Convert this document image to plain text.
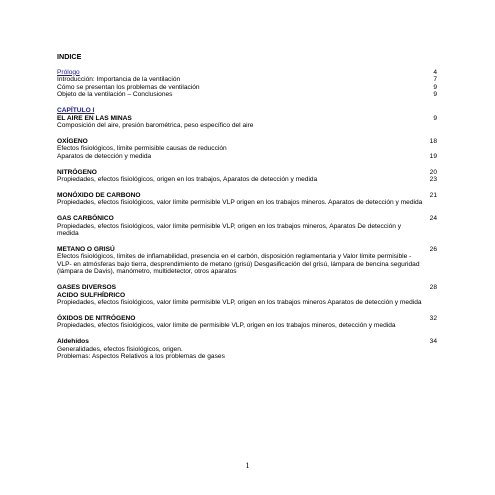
INDICE
Prólogo	4
Introducción: Importancia de la ventilación	7
Cómo se presentan los problemas de ventilación	9
Objeto de la ventilación – Conclusiones	9
CAPÍTULO I
EL AIRE EN LAS MINAS	9
Composición del aire, presión barométrica, peso específico del aire
OXÍGENO	18
Efectos fisiológicos, límite permisible causas de reducción
Aparatos de detección y medida	19
NITRÓGENO	20
Propiedades, efectos fisiológicos, origen en los trabajos, Aparatos de detección y medida	23
MONÓXIDO DE CARBONO	21
Propiedades, efectos fisiológicos, valor límite permisible VLP origen en los trabajos mineros. Aparatos de detección y medida
GAS CARBÓNICO	24
Propiedades, efectos fisiológicos, valor límite permisible VLP, origen en los trabajos mineros, Aparatos De detección y medida
METANO O GRISÚ	26
Efectos fisiológicos, límites de inflamabilidad, presencia en el carbón, disposición reglamentaria y Valor límite permisible - VLP- en atmósferas bajo tierra, desprendimiento de metano (grisú) Desgasificación del grisú, lámpara de bencina seguridad (lámpara de Davis), manómetro, multidetector, otros aparatos
GASES DIVERSOS	28
ACIDO SULFHÍDRICO
Propiedades, efectos fisiológicos, valor límite permisible VLP, origen en los trabajos mineros Aparatos de detección y medida
ÓXIDOS DE NITRÓGENO	32
Propiedades, efectos fisiológicos, valor límite de permisible VLP, origen en los trabajos mineros, detección y medida
Aldehídos	34
Generalidades, efectos fisiológicos, origen.
Problemas: Aspectos Relativos a los problemas de gases
1
